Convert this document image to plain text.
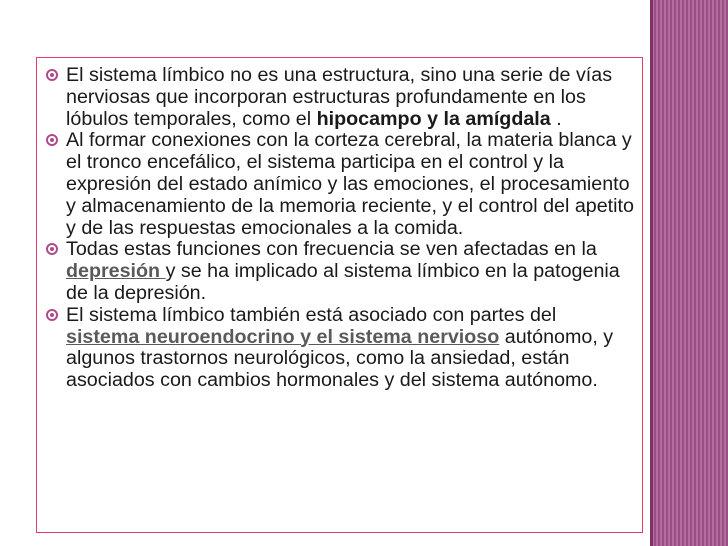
El sistema límbico no es una estructura, sino una serie de vías nerviosas que incorporan estructuras profundamente en los lóbulos temporales, como el hipocampo y la amígdala .
Al formar conexiones con la corteza cerebral, la materia blanca y el tronco encefálico, el sistema participa en el control y la expresión del estado anímico y las emociones, el procesamiento y almacenamiento de la memoria reciente, y el control del apetito y de las respuestas emocionales a la comida.
Todas estas funciones con frecuencia se ven afectadas en la depresión y se ha implicado al sistema límbico en la patogenia de la depresión.
El sistema límbico también está asociado con partes del sistema neuroendocrino y el sistema nervioso autónomo, y algunos trastornos neurológicos, como la ansiedad, están asociados con cambios hormonales y del sistema autónomo.
